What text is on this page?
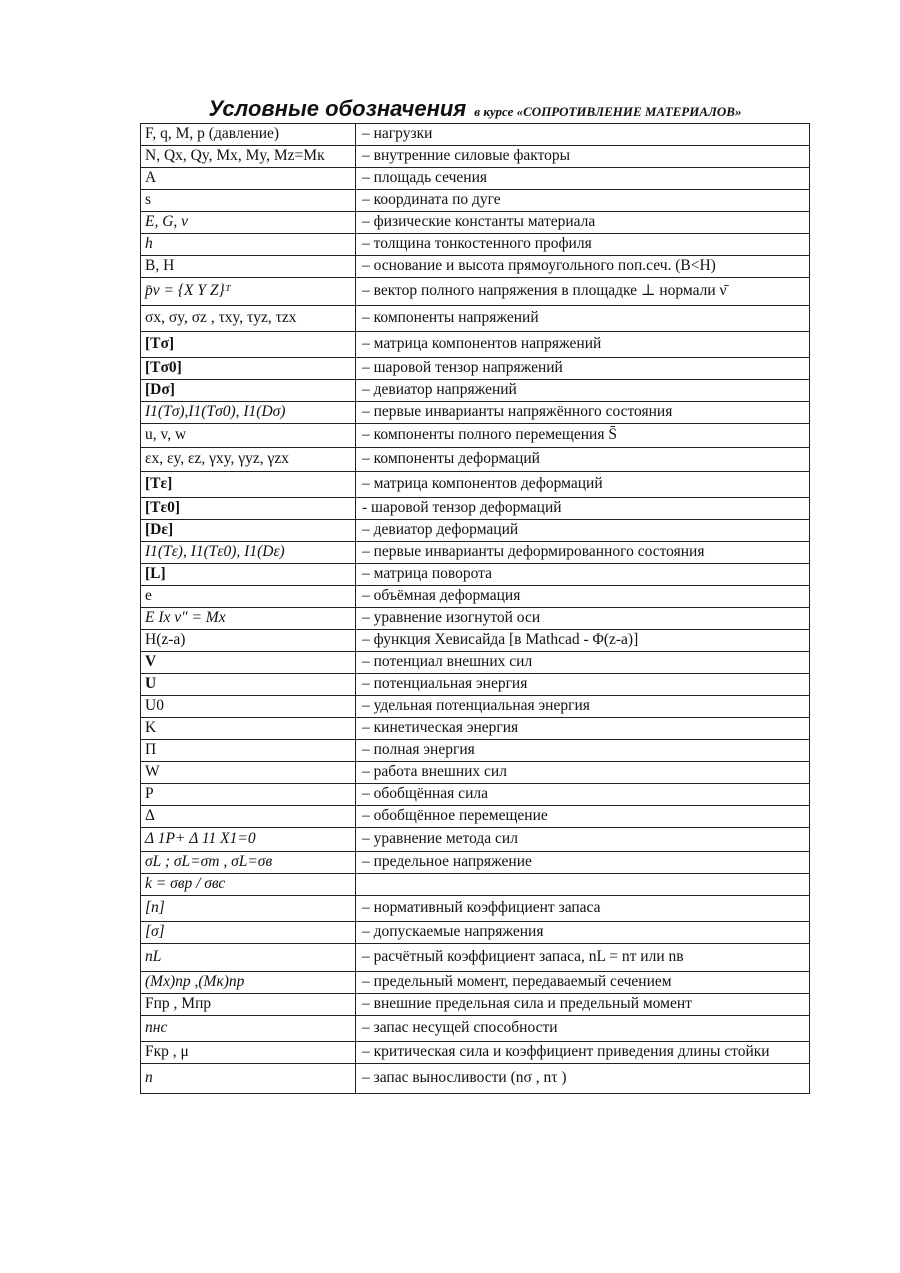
Условные обозначения в курсе «СОПРОТИВЛЕНИЕ МАТЕРИАЛОВ»
F, q, M, p (давление)	– нагрузки
N, Qx, Qy, Mx, My, Mz=Mк	– внутренние силовые факторы
A	– площадь сечения
s	– координата по дуге
E, G, ν	– физические константы материала
h	– толщина тонкостенного профиля
B, H	– основание и высота прямоугольного поп.сеч. (B<H)
p̄ν = {X Y Z}ᵀ	– вектор полного напряжения в площадке ⊥ нормали ν̄
σx, σy, σz , τxy, τyz, τzx	– компоненты напряжений
[Tσ]	– матрица компонентов напряжений
[Tσ0]	– шаровой тензор напряжений
[Dσ]	– девиатор напряжений
I1(Tσ),I1(Tσ0), I1(Dσ)	– первые инварианты напряжённого состояния
u, v, w	– компоненты полного перемещения S̄
εx, εy, εz, γxy, γyz, γzx	– компоненты деформаций
[Tε]	– матрица компонентов деформаций
[Tε0]	- шаровой тензор деформаций
[Dε]	– девиатор деформаций
I1(Tε), I1(Tε0), I1(Dε)	– первые инварианты деформированного состояния
[L]	– матрица поворота
e	– объёмная деформация
E Ix v″ = Mx	– уравнение изогнутой оси
H(z-a)	– функция Хевисайда [в Mathcad - Φ(z-a)]
V	– потенциал внешних сил
U	– потенциальная энергия
U0	– удельная потенциальная энергия
K	– кинетическая энергия
П	– полная энергия
W	– работа внешних сил
P	– обобщённая сила
Δ	– обобщённое перемещение
Δ 1P+ Δ 11 X1=0	– уравнение метода сил
σL ; σL=σт , σL=σв	– предельное напряжение
k = σвр / σвс	
[n]	– нормативный коэффициент запаса
[σ]	– допускаемые напряжения
nL	– расчётный коэффициент запаса, nL = nт или nв
(Mx)пр ,(Mк)пр	– предельный момент, передаваемый сечением
Fпр , Mпр	– внешние предельная сила и предельный момент
nнс	– запас несущей способности
Fкр , μ	– критическая сила и коэффициент приведения длины стойки
n	– запас выносливости (nσ , nτ )
